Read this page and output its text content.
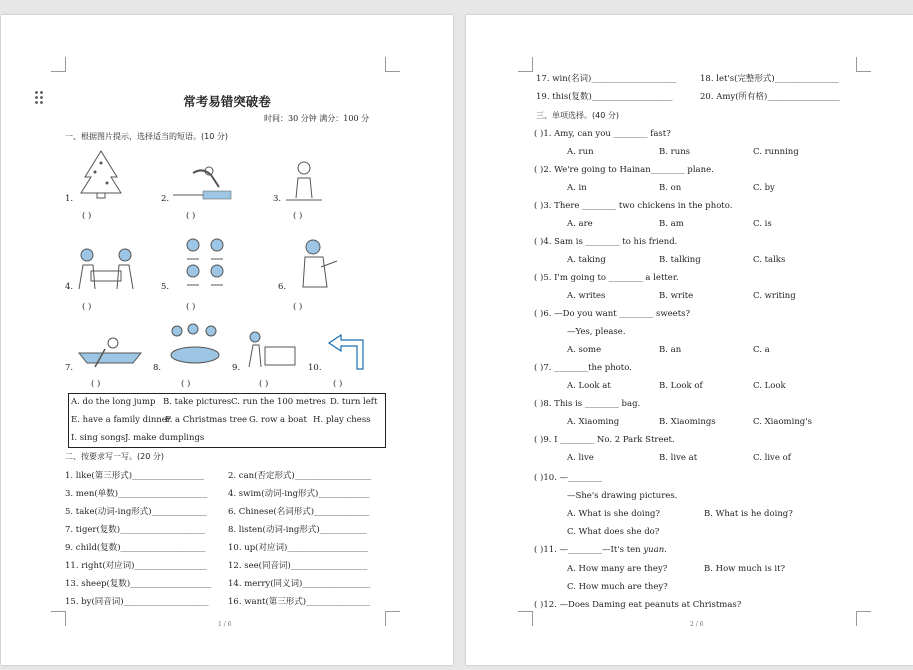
常考易错突破卷
时间：30 分钟 满分：100 分
一、根据图片提示，选择适当的短语。(10 分)
1.
( )
2.
( )
3.
( )
4.
( )
5.
( )
6.
( )
7.
( )
8.
( )
9.
( )
10.
( )
A. do the long jump B. take pictures C. run the 100 metres D. turn left
E. have a family dinner
F. a Christmas tree G. row a boat H. play chess
I. sing songs J. make dumplings
二、按要求写一写。(20 分)
1. like(第三形式)_________________	2. can(否定形式)__________________
3. men(单数)_____________________ 4. swim(动词-ing形式)____________
5. take(动词-ing形式)_____________ 6. Chinese(名词形式)_____________
7. tiger(复数)____________________	8. listen(动词-ing形式)___________
9. child(复数)____________________	10. up(对应词)___________________
11. right(对应词)_________________	12. see(同音词)__________________
13. sheep(复数)___________________ 14. merry(同义词)________________
15. by(同音词)____________________ 16. want(第三形式)_______________
1 / 6
17. win(名词)____________________	18. let's(完整形式)_______________
19. this(复数)___________________	20. Amy(所有格)_________________
三、单项选择。(40 分)
( )1. Amy, can you ________ fast?
A. run	B. runs	C. running
( )2. We're going to Hainan________ plane.
A. in	B. on	C. by
( )3. There ________ two chickens in the photo.
A. are	B. am	C. is
( )4. Sam is ________ to his friend.
A. taking	B. talking	C. talks
( )5. I'm going to ________ a letter.
A. writes	B. write	C. writing
( )6. —Do you want ________ sweets?
—Yes, please.
A. some	B. an	C. a
( )7. ________the photo.
A. Look at	B. Look of	C. Look
( )8. This is ________ bag.
A. Xiaoming	B. Xiaomings	C. Xiaoming's
( )9. I ________ No. 2 Park Street.
A. live	B. live at	C. live of
( )10. —________
—She's drawing pictures.
A. What is she doing?	B. What is he doing?
C. What does she do?
( )11. —________—It's ten yuan.
A. How many are they?	B. How much is it?
C. How much are they?
( )12. —Does Daming eat peanuts at Christmas?
2 / 6
